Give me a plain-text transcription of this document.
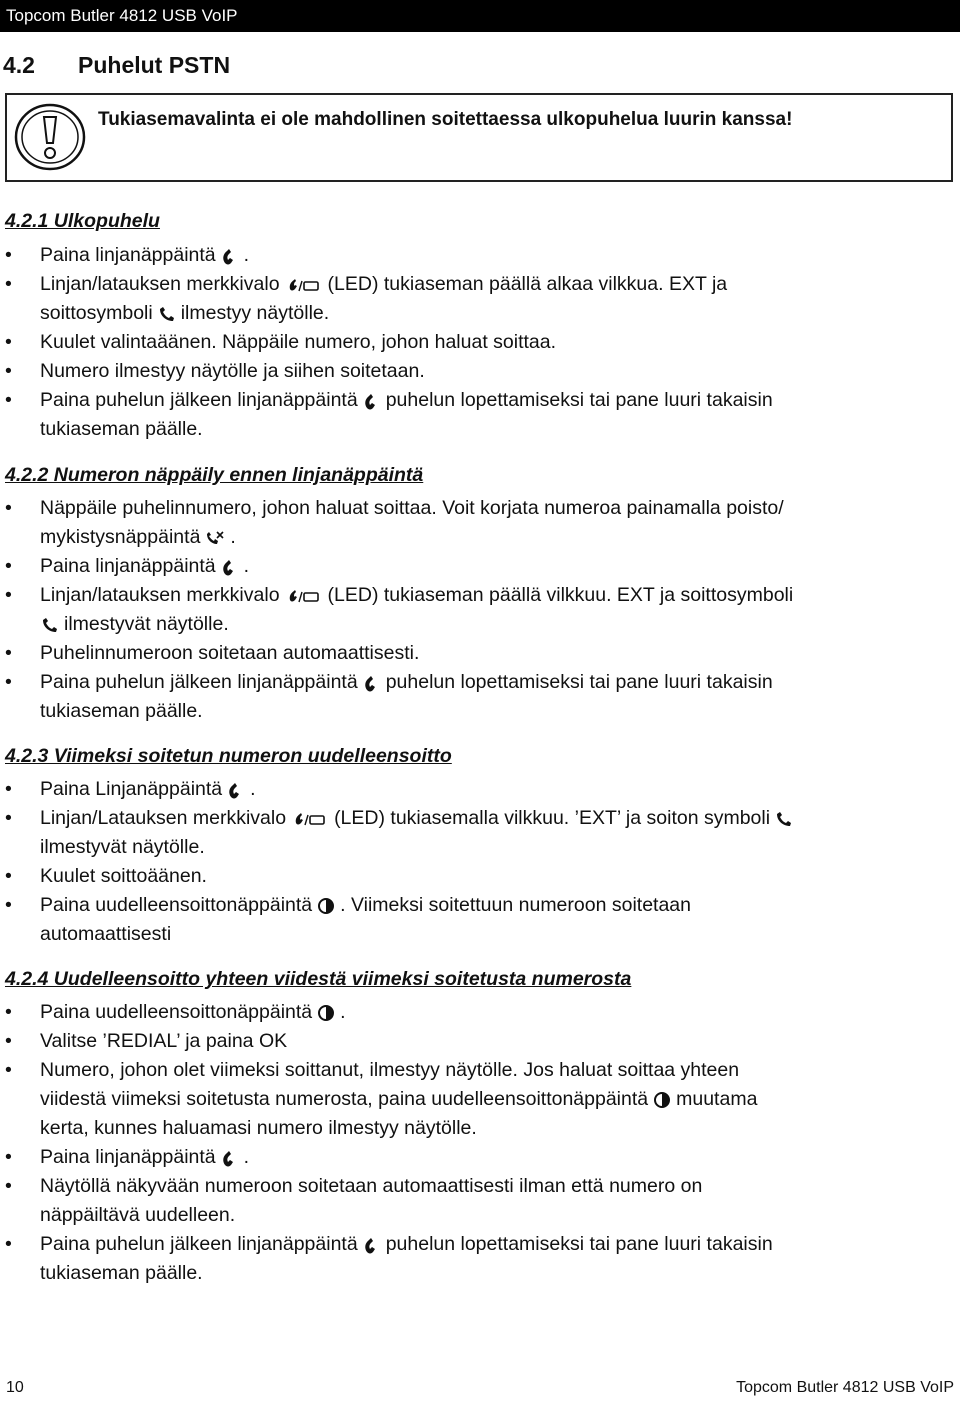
Topcom Butler 4812 USB VoIP
4.2 Puhelut PSTN
Tukiasemavalinta ei ole mahdollinen soitettaessa ulkopuhelua luurin kanssa!
4.2.1 Ulkopuhelu
•	Paina linjanäppäintä .
•	Linjan/latauksen merkkivalo (LED) tukiaseman päällä alkaa vilkkua. EXT ja
soittosymboli ilmestyy näytölle.
•	Kuulet valintaäänen. Näppäile numero, johon haluat soittaa.
•	Numero ilmestyy näytölle ja siihen soitetaan.
•	Paina puhelun jälkeen linjanäppäintä puhelun lopettamiseksi tai pane luuri takaisin
tukiaseman päälle.
4.2.2 Numeron näppäily ennen linjanäppäintä
•	Näppäile puhelinnumero, johon haluat soittaa. Voit korjata numeroa painamalla poisto/
mykistysnäppäintä .
•	Paina linjanäppäintä .
•	Linjan/latauksen merkkivalo (LED) tukiaseman päällä vilkkuu. EXT ja soittosymboli
ilmestyvät näytölle.
•	Puhelinnumeroon soitetaan automaattisesti.
•	Paina puhelun jälkeen linjanäppäintä puhelun lopettamiseksi tai pane luuri takaisin
tukiaseman päälle.
4.2.3 Viimeksi soitetun numeron uudelleensoitto
•	Paina Linjanäppäintä .
•	Linjan/Latauksen merkkivalo (LED) tukiasemalla vilkkuu. ’EXT’ ja soiton symboli
ilmestyvät näytölle.
•	Kuulet soittoäänen.
•	Paina uudelleensoittonäppäintä . Viimeksi soitettuun numeroon soitetaan
automaattisesti
4.2.4 Uudelleensoitto yhteen viidestä viimeksi soitetusta numerosta
•	Paina uudelleensoittonäppäintä .
•	Valitse ’REDIAL’ ja paina OK
•	Numero, johon olet viimeksi soittanut, ilmestyy näytölle. Jos haluat soittaa yhteen
viidestä viimeksi soitetusta numerosta, paina uudelleensoittonäppäintä muutama
kerta, kunnes haluamasi numero ilmestyy näytölle.
•	Paina linjanäppäintä .
•	Näytöllä näkyvään numeroon soitetaan automaattisesti ilman että numero on
näppäiltävä uudelleen.
•	Paina puhelun jälkeen linjanäppäintä puhelun lopettamiseksi tai pane luuri takaisin
tukiaseman päälle.
10	Topcom Butler 4812 USB VoIP
